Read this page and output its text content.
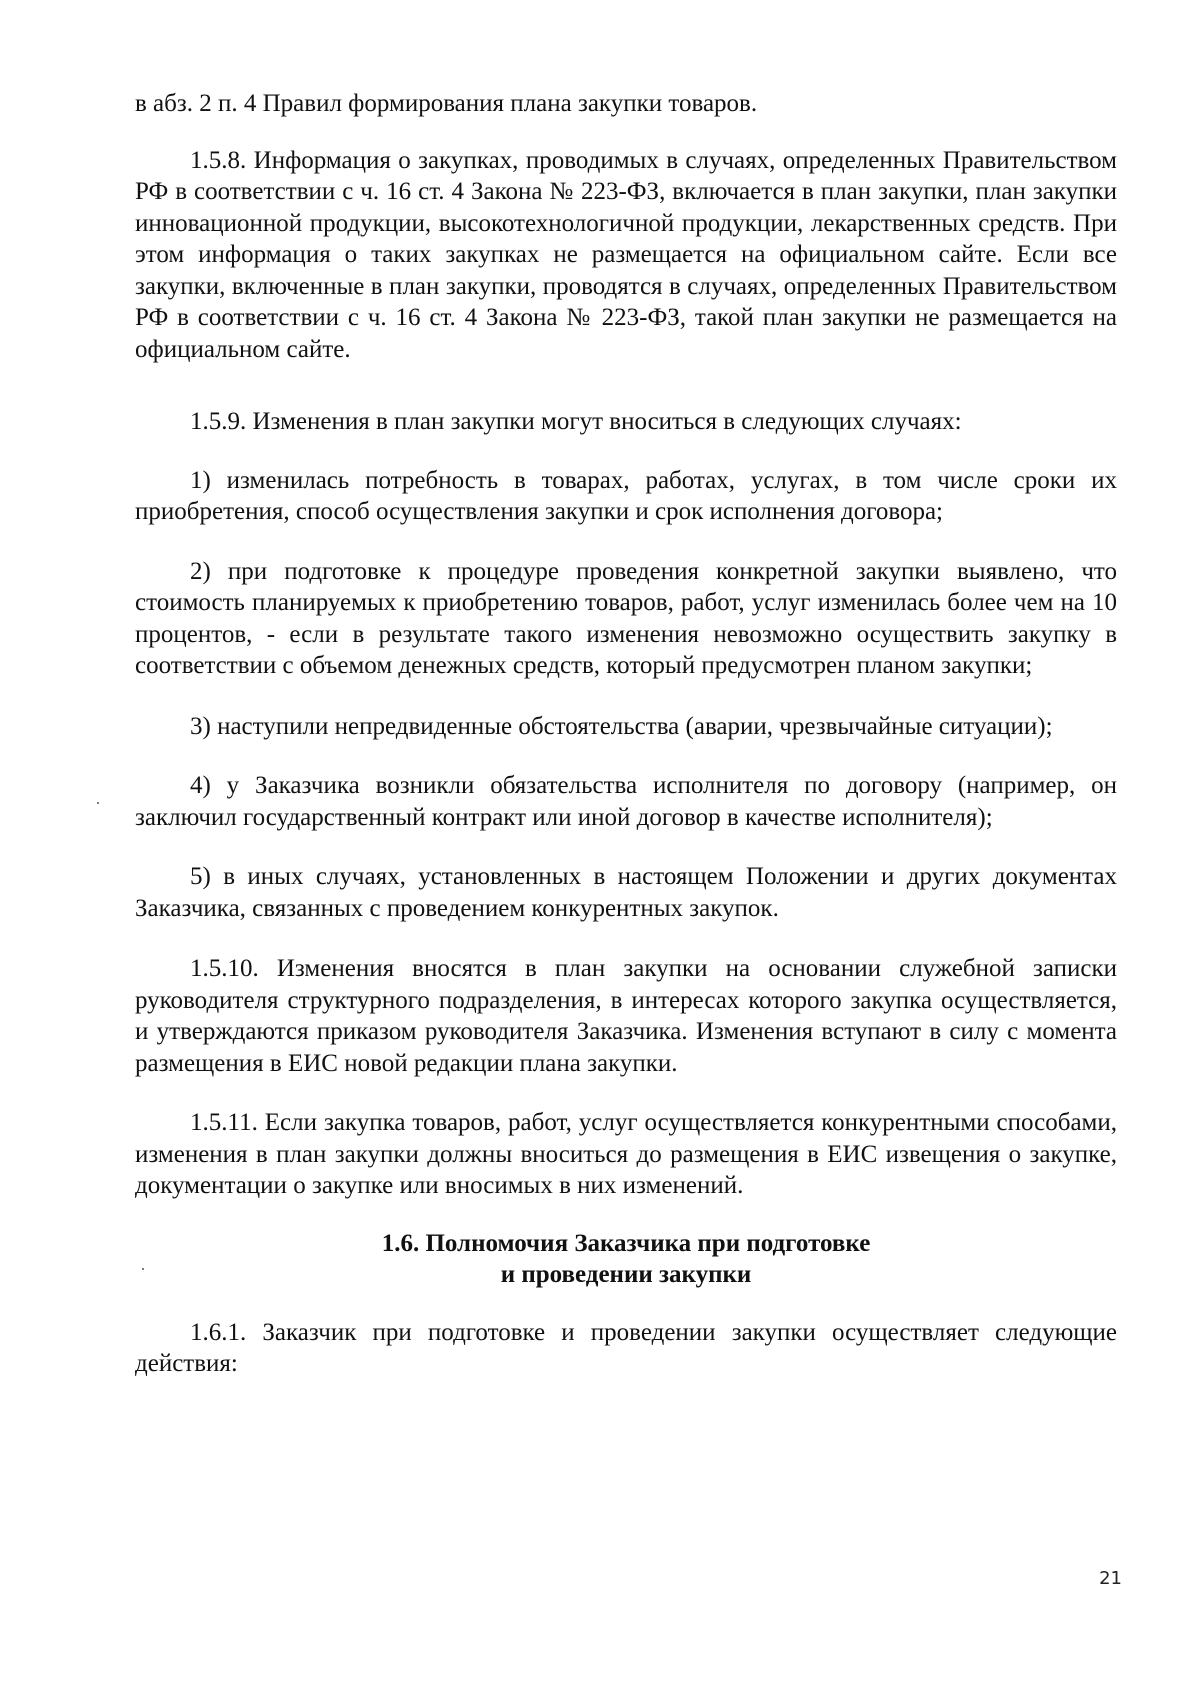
в абз. 2 п. 4 Правил формирования плана закупки товаров.

1.5.8. Информация о закупках, проводимых в случаях, определенных Правительством РФ в соответствии с ч. 16 ст. 4 Закона № 223-ФЗ, включается в план закупки, план закупки инновационной продукции, высокотехнологичной продукции, лекарственных средств. При этом информация о таких закупках не размещается на официальном сайте. Если все закупки, включенные в план закупки, проводятся в случаях, определенных Правительством РФ в соответствии с ч. 16 ст. 4 Закона № 223-ФЗ, такой план закупки не размещается на официальном сайте.

1.5.9. Изменения в план закупки могут вноситься в следующих случаях:

1) изменилась потребность в товарах, работах, услугах, в том числе сроки их приобретения, способ осуществления закупки и срок исполнения договора;

2) при подготовке к процедуре проведения конкретной закупки выявлено, что стоимость планируемых к приобретению товаров, работ, услуг изменилась более чем на 10 процентов, - если в результате такого изменения невозможно осуществить закупку в соответствии с объемом денежных средств, который предусмотрен планом закупки;

3) наступили непредвиденные обстоятельства (аварии, чрезвычайные ситуации);

4) у Заказчика возникли обязательства исполнителя по договору (например, он заключил государственный контракт или иной договор в качестве исполнителя);

5) в иных случаях, установленных в настоящем Положении и других документах Заказчика, связанных с проведением конкурентных закупок.

1.5.10. Изменения вносятся в план закупки на основании служебной записки руководителя структурного подразделения, в интересах которого закупка осуществляется, и утверждаются приказом руководителя Заказчика. Изменения вступают в силу с момента размещения в ЕИС новой редакции плана закупки.

1.5.11. Если закупка товаров, работ, услуг осуществляется конкурентными способами, изменения в план закупки должны вноситься до размещения в ЕИС извещения о закупке, документации о закупке или вносимых в них изменений.

1.6. Полномочия Заказчика при подготовке

и проведении закупки

1.6.1. Заказчик при подготовке и проведении закупки осуществляет следующие действия:

21
